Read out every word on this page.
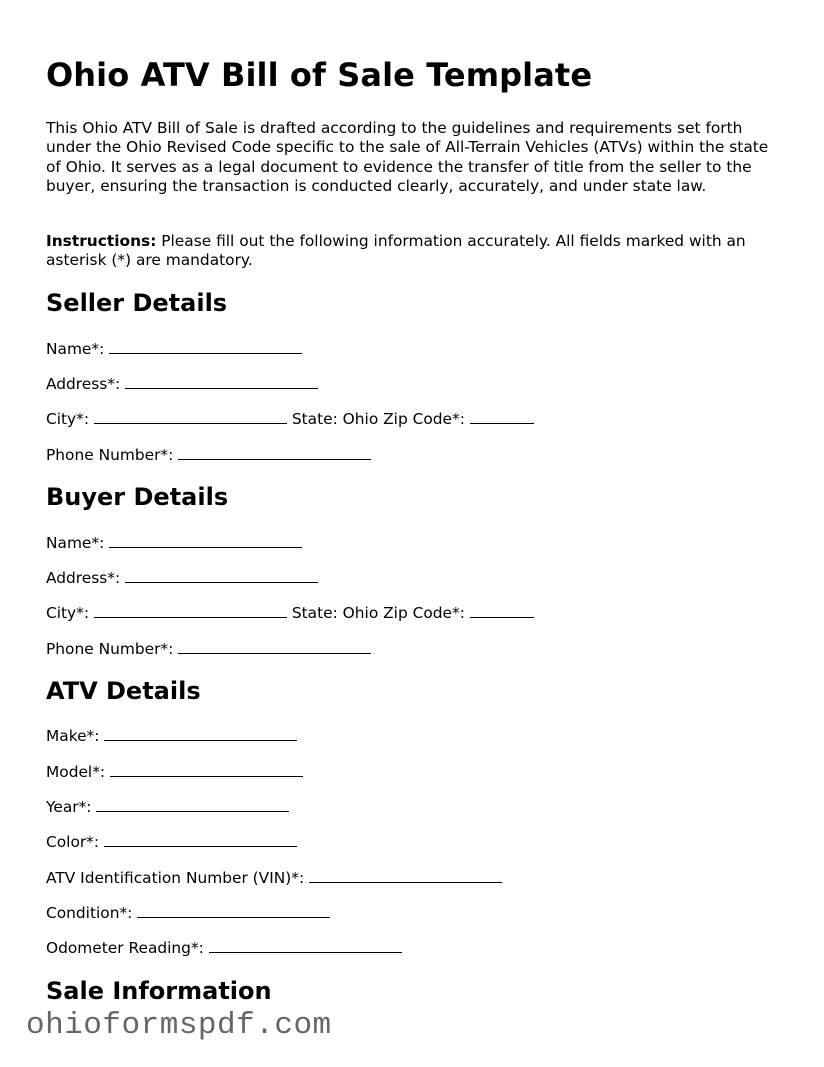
Ohio ATV Bill of Sale Template

This Ohio ATV Bill of Sale is drafted according to the guidelines and requirements set forth under the Ohio Revised Code specific to the sale of All-Terrain Vehicles (ATVs) within the state of Ohio. It serves as a legal document to evidence the transfer of title from the seller to the buyer, ensuring the transaction is conducted clearly, accurately, and under state law.

Instructions: Please fill out the following information accurately. All fields marked with an asterisk (*) are mandatory.

Seller Details
Name*:
Address*:
City*:	State: Ohio Zip Code*:
Phone Number*:
Buyer Details
Name*:
Address*:
City*:	State: Ohio Zip Code*:
Phone Number*:
ATV Details
Make*:
Model*:
Year*:
Color*:
ATV Identification Number (VIN)*:
Condition*:
Odometer Reading*:
Sale Information
ohioformspdf.com
